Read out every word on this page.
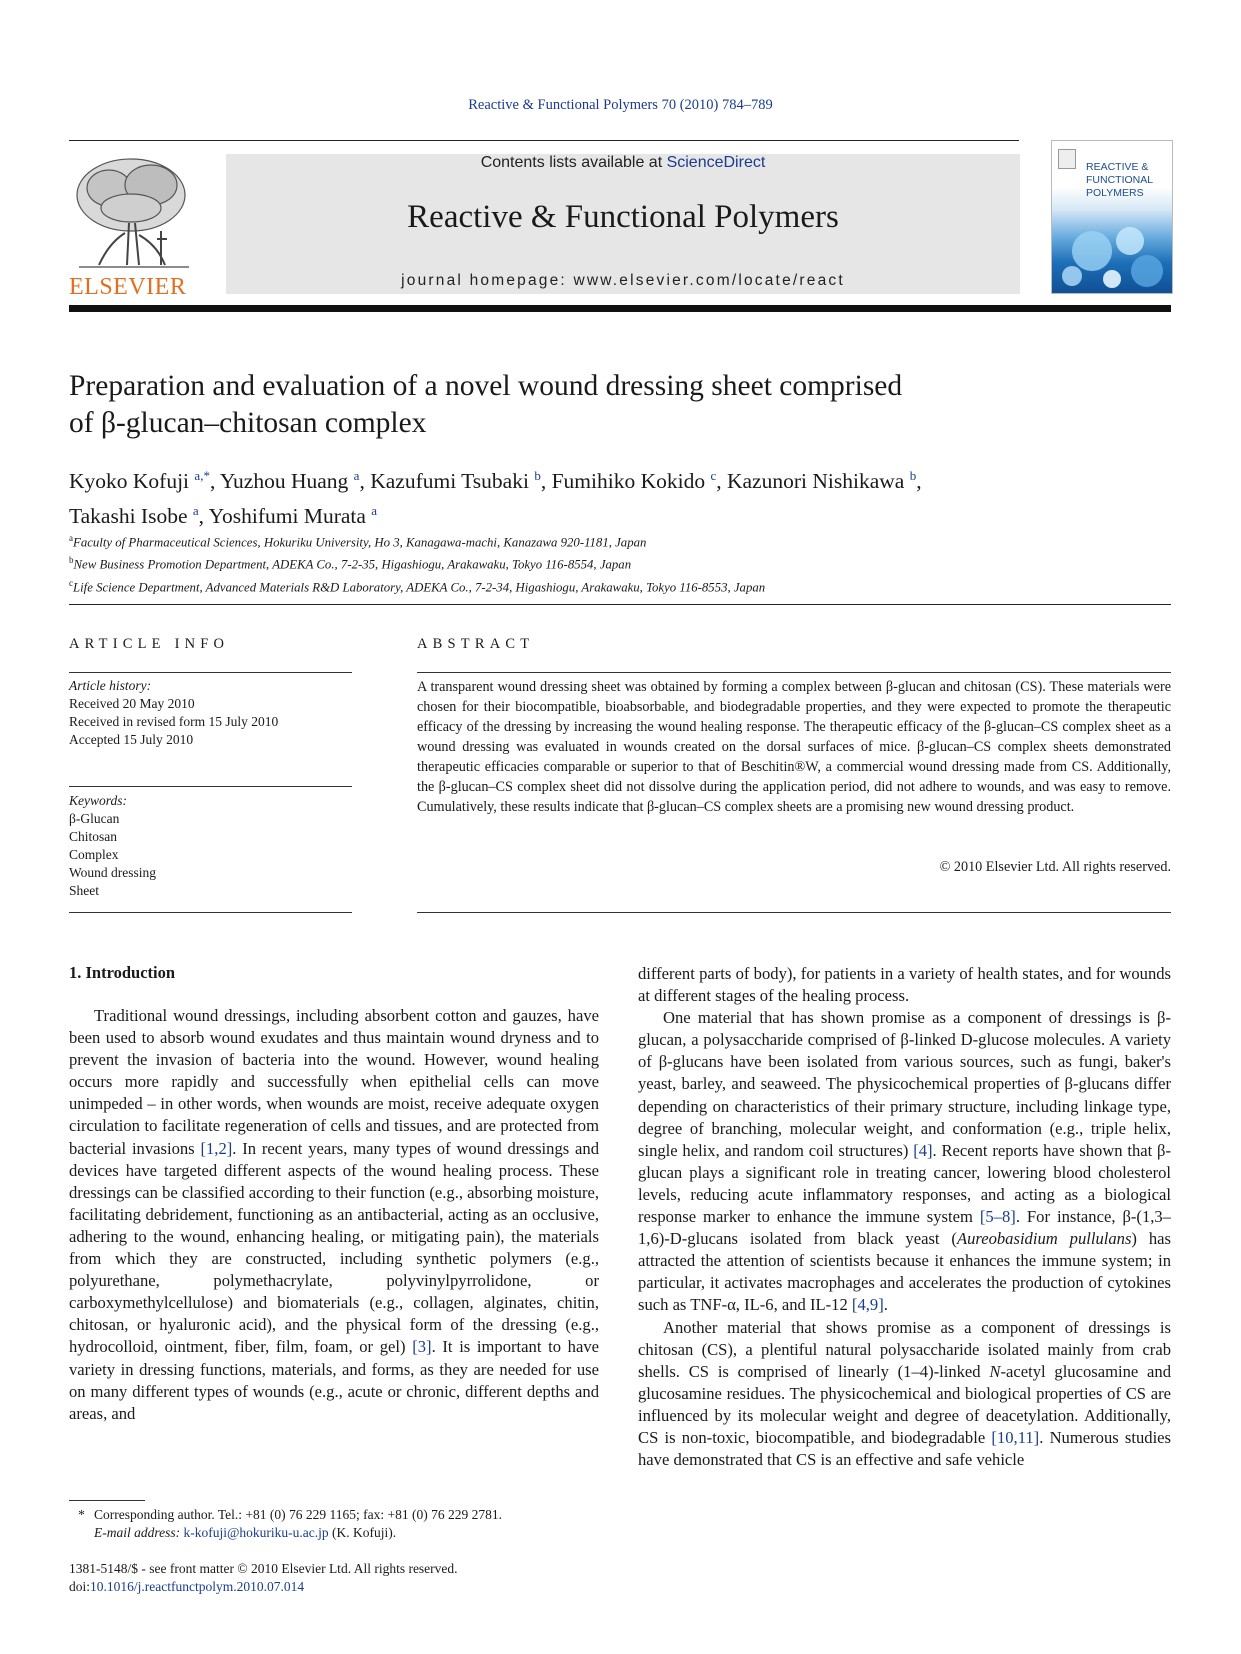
Reactive & Functional Polymers 70 (2010) 784–789
ELSEVIER
Contents lists available at ScienceDirect
Reactive & Functional Polymers
journal homepage: www.elsevier.com/locate/react
REACTIVE &
FUNCTIONAL
POLYMERS
Preparation and evaluation of a novel wound dressing sheet comprised
of β-glucan–chitosan complex
Kyoko Kofuji $^{a,*}$, Yuzhou Huang $^a$, Kazufumi Tsubaki $^b$, Fumihiko Kokido $^c$, Kazunori Nishikawa $^b$,
Takashi Isobe $^a$, Yoshifumi Murata $^a$
$^a$Faculty of Pharmaceutical Sciences, Hokuriku University, Ho 3, Kanagawa-machi, Kanazawa 920-1181, Japan
$^b$New Business Promotion Department, ADEKA Co., 7-2-35, Higashiogu, Arakawaku, Tokyo 116-8554, Japan
$^c$Life Science Department, Advanced Materials R&D Laboratory, ADEKA Co., 7-2-34, Higashiogu, Arakawaku, Tokyo 116-8553, Japan
ARTICLE INFO
Article history:
Received 20 May 2010
Received in revised form 15 July 2010
Accepted 15 July 2010
Keywords:
β-Glucan
Chitosan
Complex
Wound dressing
Sheet
ABSTRACT
A transparent wound dressing sheet was obtained by forming a complex between β-glucan and chitosan (CS). These materials were chosen for their biocompatible, bioabsorbable, and biodegradable properties, and they were expected to promote the therapeutic efficacy of the dressing by increasing the wound healing response. The therapeutic efficacy of the β-glucan–CS complex sheet as a wound dressing was evaluated in wounds created on the dorsal surfaces of mice. β-glucan–CS complex sheets demonstrated therapeutic efficacies comparable or superior to that of Beschitin®W, a commercial wound dressing made from CS. Additionally, the β-glucan–CS complex sheet did not dissolve during the application period, did not adhere to wounds, and was easy to remove. Cumulatively, these results indicate that β-glucan–CS complex sheets are a promising new wound dressing product.
© 2010 Elsevier Ltd. All rights reserved.
1. Introduction

Traditional wound dressings, including absorbent cotton and gauzes, have been used to absorb wound exudates and thus maintain wound dryness and to prevent the invasion of bacteria into the wound. However, wound healing occurs more rapidly and successfully when epithelial cells can move unimpeded – in other words, when wounds are moist, receive adequate oxygen circulation to facilitate regeneration of cells and tissues, and are protected from bacterial invasions [1,2]. In recent years, many types of wound dressings and devices have targeted different aspects of the wound healing process. These dressings can be classified according to their function (e.g., absorbing moisture, facilitating debridement, functioning as an antibacterial, acting as an occlusive, adhering to the wound, enhancing healing, or mitigating pain), the materials from which they are constructed, including synthetic polymers (e.g., polyurethane, polymethacrylate, polyvinylpyrrolidone, or carboxymethylcellulose) and biomaterials (e.g., collagen, alginates, chitin, chitosan, or hyaluronic acid), and the physical form of the dressing (e.g., hydrocolloid, ointment, fiber, film, foam, or gel) [3]. It is important to have variety in dressing functions, materials, and forms, as they are needed for use on many different types of wounds (e.g., acute or chronic, different depths and areas, and

different parts of body), for patients in a variety of health states, and for wounds at different stages of the healing process.

One material that has shown promise as a component of dressings is β-glucan, a polysaccharide comprised of β-linked D-glucose molecules. A variety of β-glucans have been isolated from various sources, such as fungi, baker's yeast, barley, and seaweed. The physicochemical properties of β-glucans differ depending on characteristics of their primary structure, including linkage type, degree of branching, molecular weight, and conformation (e.g., triple helix, single helix, and random coil structures) [4]. Recent reports have shown that β-glucan plays a significant role in treating cancer, lowering blood cholesterol levels, reducing acute inflammatory responses, and acting as a biological response marker to enhance the immune system [5–8]. For instance, β-(1,3–1,6)-D-glucans isolated from black yeast (Aureobasidium pullulans) has attracted the attention of scientists because it enhances the immune system; in particular, it activates macrophages and accelerates the production of cytokines such as TNF-α, IL-6, and IL-12 [4,9].

Another material that shows promise as a component of dressings is chitosan (CS), a plentiful natural polysaccharide isolated mainly from crab shells. CS is comprised of linearly (1–4)-linked N-acetyl glucosamine and glucosamine residues. The physicochemical and biological properties of CS are influenced by its molecular weight and degree of deacetylation. Additionally, CS is non-toxic, biocompatible, and biodegradable [10,11]. Numerous studies have demonstrated that CS is an effective and safe vehicle

* Corresponding author. Tel.: +81 (0) 76 229 1165; fax: +81 (0) 76 229 2781.
E-mail address: k-kofuji@hokuriku-u.ac.jp (K. Kofuji).
1381-5148/$ - see front matter © 2010 Elsevier Ltd. All rights reserved.
doi:10.1016/j.reactfunctpolym.2010.07.014
